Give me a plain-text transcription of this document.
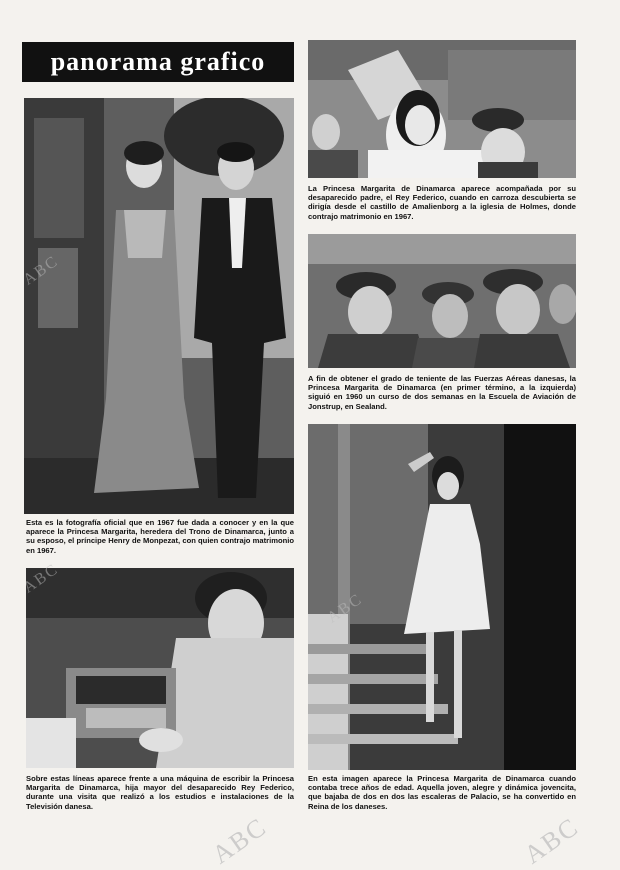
panorama grafico
La Princesa Margarita de Dinamarca aparece acompañada por su desaparecido padre, el Rey Federico, cuando en carroza descubierta se dirigía desde el castillo de Amalienborg a la iglesia de Holmes, donde contrajo matrimonio en 1967.
Esta es la fotografía oficial que en 1967 fue dada a conocer y en la que aparece la Princesa Margarita, heredera del Trono de Dinamarca, junto a su esposo, el príncipe Henry de Monpezat, con quien contrajo matrimonio en 1967.
A fin de obtener el grado de teniente de las Fuerzas Aéreas danesas, la Princesa Margarita de Dinamarca (en primer término, a la izquierda) siguió en 1960 un curso de dos semanas en la Escuela de Aviación de Jonstrup, en Sealand.
En esta imagen aparece la Princesa Margarita de Dinamarca cuando contaba trece años de edad. Aquella joven, alegre y dinámica jovencita, que bajaba de dos en dos las escaleras de Palacio, se ha convertido en Reina de los daneses.
Sobre estas líneas aparece frente a una máquina de escribir la Princesa Margarita de Dinamarca, hija mayor del desaparecido Rey Federico, durante una visita que realizó a los estudios e instalaciones de la Televisión danesa.
ABC	ABC
ABC
ABC
ABC
